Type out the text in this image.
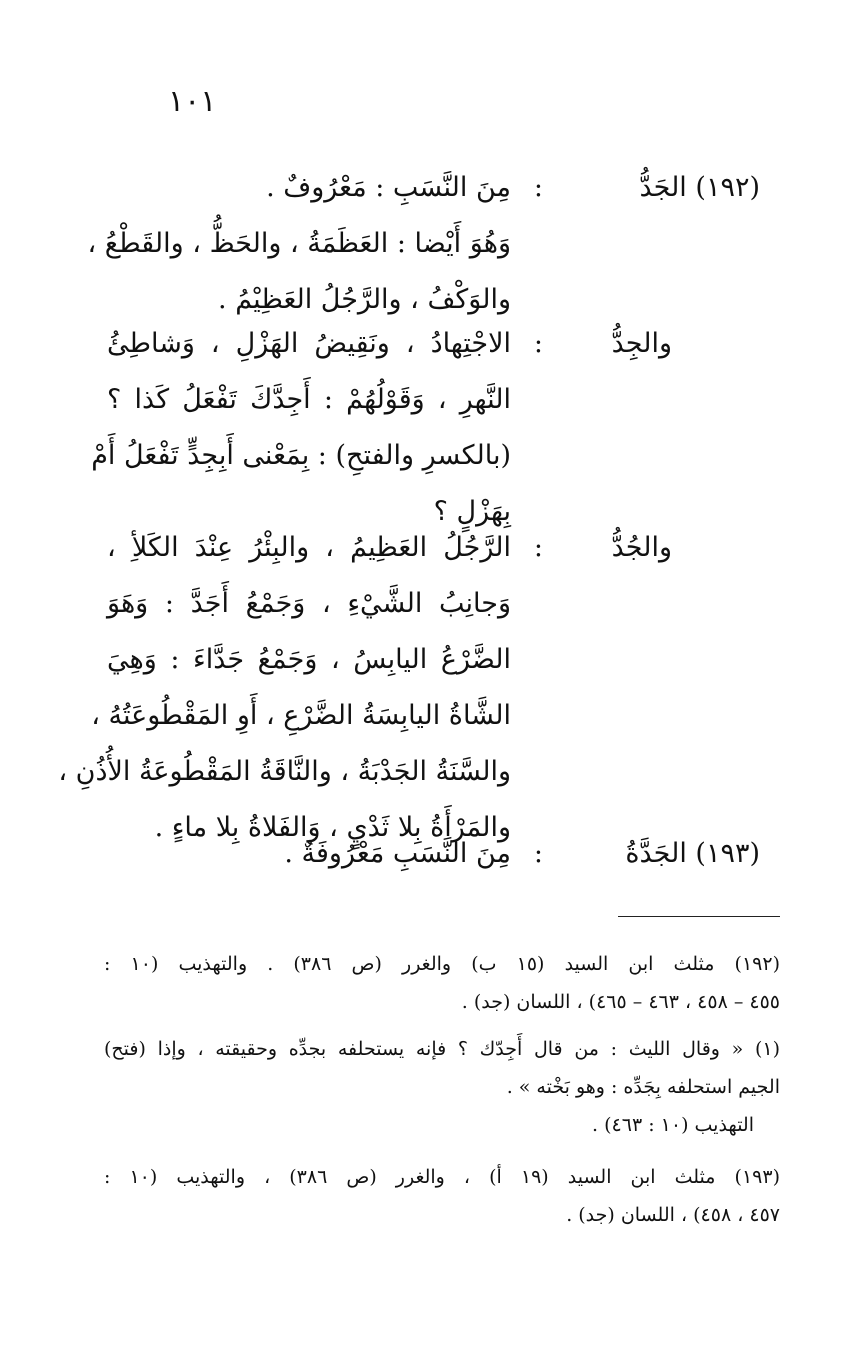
١٠١
(١٩٢) الجَدُّ
:
مِنَ النَّسَبِ : مَعْرُوفٌ .
وَهُوَ أَيْضا : العَظَمَةُ ، والحَظُّ ، والقَطْعُ ،
والوَكْفُ ، والرَّجُلُ العَظِيْمُ .
والجِدُّ
:
الاجْتِهادُ ، ونَقِيضُ الهَزْلِ ، وَشاطِئُ
النَّهرِ ، وَقَوْلُهُمْ : أَجِدَّكَ تَفْعَلُ كَذا ؟
(بالكسرِ والفتحِ) : بِمَعْنى أَبِجِدٍّ تَفْعَلُ أَمْ
بِهَزْلٍ ؟
والجُدُّ
:
الرَّجُلُ العَظِيمُ ، والبِئْرُ عِنْدَ الكَلأِ ،
وَجانِبُ الشَّيْءِ ، وَجَمْعُ أَجَدَّ : وَهَوَ
الضَّرْعُ اليابِسُ ، وَجَمْعُ جَدَّاءَ : وَهِيَ
الشَّاةُ اليابِسَةُ الضَّرْعِ ، أَوِ المَقْطُوعَتُهُ ،
والسَّنَةُ الجَدْبَةُ ، والنَّاقَةُ المَقْطُوعَةُ الأُذُنِ ،
والمَرْأَةُ بِلا ثَدْيٍ ، وَالفَلاةُ بِلا ماءٍ .
(١٩٣) الجَدَّةُ
:
مِنَ النَّسَبِ مَعْرُوفَةٌ .
(١٩٢) مثلث ابن السيد (١٥ ب) والغرر (ص ٣٨٦) . والتهذيب (١٠ :
٤٥٥ – ٤٥٨ ، ٤٦٣ – ٤٦٥) ، اللسان (جد) .
(١) « وقال الليث : من قال أَجِدّك ؟ فإنه يستحلفه بجدِّه وحقيقته ، وإذا (فتح)
الجيم استحلفه بِجَدِّه : وهو بَخْته » .
التهذيب (١٠ : ٤٦٣) .
(١٩٣) مثلث ابن السيد (١٩ أ) ، والغرر (ص ٣٨٦) ، والتهذيب (١٠ :
٤٥٧ ، ٤٥٨) ، اللسان (جد) .
